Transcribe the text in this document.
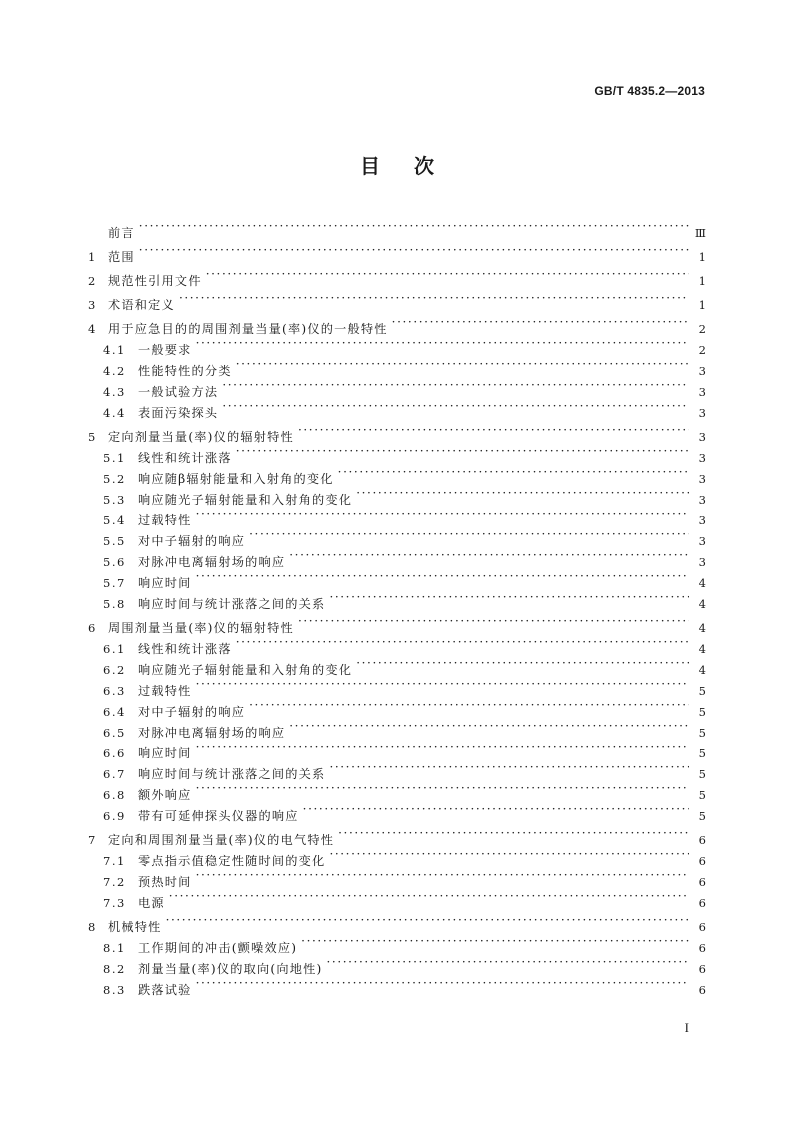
GB/T 4835.2—2013
目次
前言 ·····	Ⅲ
1 范围 ·····	1
2 规范性引用文件 ·····	1
3 术语和定义 ·····	1
4 用于应急目的的周围剂量当量(率)仪的一般特性 ·····	2
4.1	一般要求 ·····	2
4.2	性能特性的分类 ·····	3
4.3	一般试验方法 ·····	3
4.4	表面污染探头 ·····	3
5 定向剂量当量(率)仪的辐射特性 ·····	3
5.1	线性和统计涨落 ·····	3
5.2	响应随β辐射能量和入射角的变化 ·····	3
5.3	响应随光子辐射能量和入射角的变化 ·····	3
5.4	过载特性 ·····	3
5.5	对中子辐射的响应 ·····	3
5.6	对脉冲电离辐射场的响应 ·····	3
5.7	响应时间 ·····	4
5.8	响应时间与统计涨落之间的关系 ·····	4
6 周围剂量当量(率)仪的辐射特性 ·····	4
6.1	线性和统计涨落 ·····	4
6.2	响应随光子辐射能量和入射角的变化 ·····	4
6.3	过载特性 ·····	5
6.4	对中子辐射的响应 ·····	5
6.5	对脉冲电离辐射场的响应 ·····	5
6.6	响应时间 ·····	5
6.7	响应时间与统计涨落之间的关系 ·····	5
6.8	额外响应 ·····	5
6.9	带有可延伸探头仪器的响应 ·····	5
7 定向和周围剂量当量(率)仪的电气特性 ·····	6
7.1	零点指示值稳定性随时间的变化 ·····	6
7.2	预热时间 ·····	6
7.3	电源 ·····	6
8 机械特性 ·····	6
8.1	工作期间的冲击(颤噪效应) ·····	6
8.2	剂量当量(率)仪的取向(向地性) ·····	6
8.3	跌落试验 ·····	6
I
